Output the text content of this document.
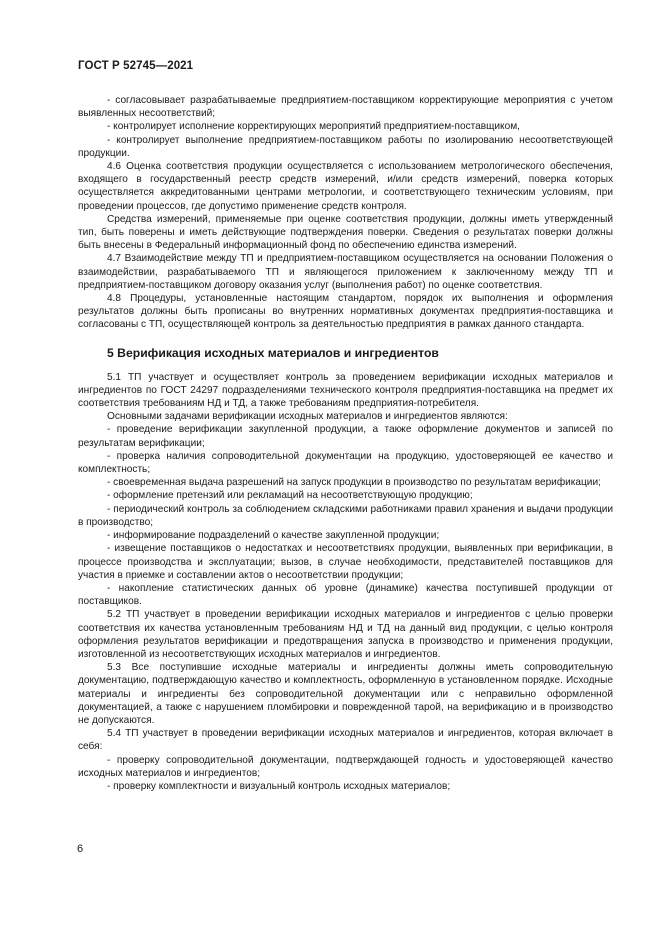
ГОСТ Р 52745—2021

- согласовывает разрабатываемые предприятием-поставщиком корректирующие мероприятия с учетом выявленных несоответствий;

- контролирует исполнение корректирующих мероприятий предприятием-поставщиком,

- контролирует выполнение предприятием-поставщиком работы по изолированию несоответствующей продукции.

4.6 Оценка соответствия продукции осуществляется с использованием метрологического обеспечения, входящего в государственный реестр средств измерений, и/или средств измерений, поверка которых осуществляется аккредитованными центрами метрологии, и соответствующего техническим условиям, при проведении процессов, где допустимо применение средств контроля.

Средства измерений, применяемые при оценке соответствия продукции, должны иметь утвержденный тип, быть поверены и иметь действующие подтверждения поверки. Сведения о результатах поверки должны быть внесены в Федеральный информационный фонд по обеспечению единства измерений.

4.7 Взаимодействие между ТП и предприятием-поставщиком осуществляется на основании Положения о взаимодействии, разрабатываемого ТП и являющегося приложением к заключенному между ТП и предприятием-поставщиком договору оказания услуг (выполнения работ) по оценке соответствия.

4.8 Процедуры, установленные настоящим стандартом, порядок их выполнения и оформления результатов должны быть прописаны во внутренних нормативных документах предприятия-поставщика и согласованы с ТП, осуществляющей контроль за деятельностью предприятия в рамках данного стандарта.

5 Верификация исходных материалов и ингредиентов

5.1 ТП участвует и осуществляет контроль за проведением верификации исходных материалов и ингредиентов по ГОСТ 24297 подразделениями технического контроля предприятия-поставщика на предмет их соответствия требованиям НД и ТД, а также требованиям предприятия-потребителя.

Основными задачами верификации исходных материалов и ингредиентов являются:

- проведение верификации закупленной продукции, а также оформление документов и записей по результатам верификации;

- проверка наличия сопроводительной документации на продукцию, удостоверяющей ее качество и комплектность;

- своевременная выдача разрешений на запуск продукции в производство по результатам верификации;

- оформление претензий или рекламаций на несоответствующую продукцию;

- периодический контроль за соблюдением складскими работниками правил хранения и выдачи продукции в производство;

- информирование подразделений о качестве закупленной продукции;

- извещение поставщиков о недостатках и несоответствиях продукции, выявленных при верификации, в процессе производства и эксплуатации; вызов, в случае необходимости, представителей поставщиков для участия в приемке и составлении актов о несоответствии продукции;

- накопление статистических данных об уровне (динамике) качества поступившей продукции от поставщиков.

5.2 ТП участвует в проведении верификации исходных материалов и ингредиентов с целью проверки соответствия их качества установленным требованиям НД и ТД на данный вид продукции, с целью контроля оформления результатов верификации и предотвращения запуска в производство и применения продукции, изготовленной из несоответствующих исходных материалов и ингредиентов.

5.3 Все поступившие исходные материалы и ингредиенты должны иметь сопроводительную документацию, подтверждающую качество и комплектность, оформленную в установленном порядке. Исходные материалы и ингредиенты без сопроводительной документации или с неправильно оформленной документацией, а также с нарушением пломбировки и поврежденной тарой, на верификацию и в производство не допускаются.

5.4 ТП участвует в проведении верификации исходных материалов и ингредиентов, которая включает в себя:

- проверку сопроводительной документации, подтверждающей годность и удостоверяющей качество исходных материалов и ингредиентов;

- проверку комплектности и визуальный контроль исходных материалов;

6
